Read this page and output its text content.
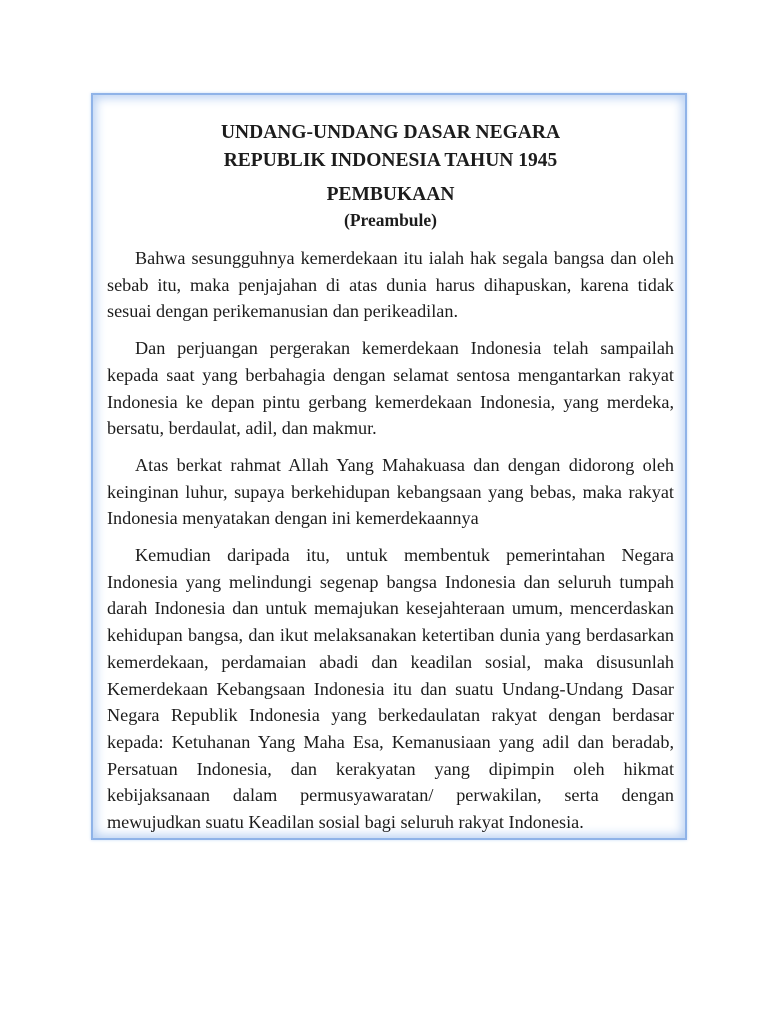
UNDANG-UNDANG DASAR NEGARA

REPUBLIK INDONESIA TAHUN 1945

PEMBUKAAN

(Preambule)

Bahwa sesungguhnya kemerdekaan itu ialah hak segala bangsa dan oleh sebab itu, maka penjajahan di atas dunia harus dihapuskan, karena tidak sesuai dengan perikemanusian dan perikeadilan.

Dan perjuangan pergerakan kemerdekaan Indonesia telah sampailah kepada saat yang berbahagia dengan selamat sentosa mengantarkan rakyat Indonesia ke depan pintu gerbang kemerdekaan Indonesia, yang merdeka, bersatu, berdaulat, adil, dan makmur.

Atas berkat rahmat Allah Yang Mahakuasa dan dengan didorong oleh keinginan luhur, supaya berkehidupan kebangsaan yang bebas, maka rakyat Indonesia menyatakan dengan ini kemerdekaannya

Kemudian daripada itu, untuk membentuk pemerintahan Negara Indonesia yang melindungi segenap bangsa Indonesia dan seluruh tumpah darah Indonesia dan untuk memajukan kesejahteraan umum, mencerdaskan kehidupan bangsa, dan ikut melaksanakan ketertiban dunia yang berdasarkan kemerdekaan, perdamaian abadi dan keadilan sosial, maka disusunlah Kemerdekaan Kebangsaan Indonesia itu dan suatu Undang-Undang Dasar Negara Republik Indonesia yang berkedaulatan rakyat dengan berdasar kepada: Ketuhanan Yang Maha Esa, Kemanusiaan yang adil dan beradab, Persatuan Indonesia, dan kerakyatan yang dipimpin oleh hikmat kebijaksanaan dalam permusyawaratan/ perwakilan, serta dengan mewujudkan suatu Keadilan sosial bagi seluruh rakyat Indonesia.
